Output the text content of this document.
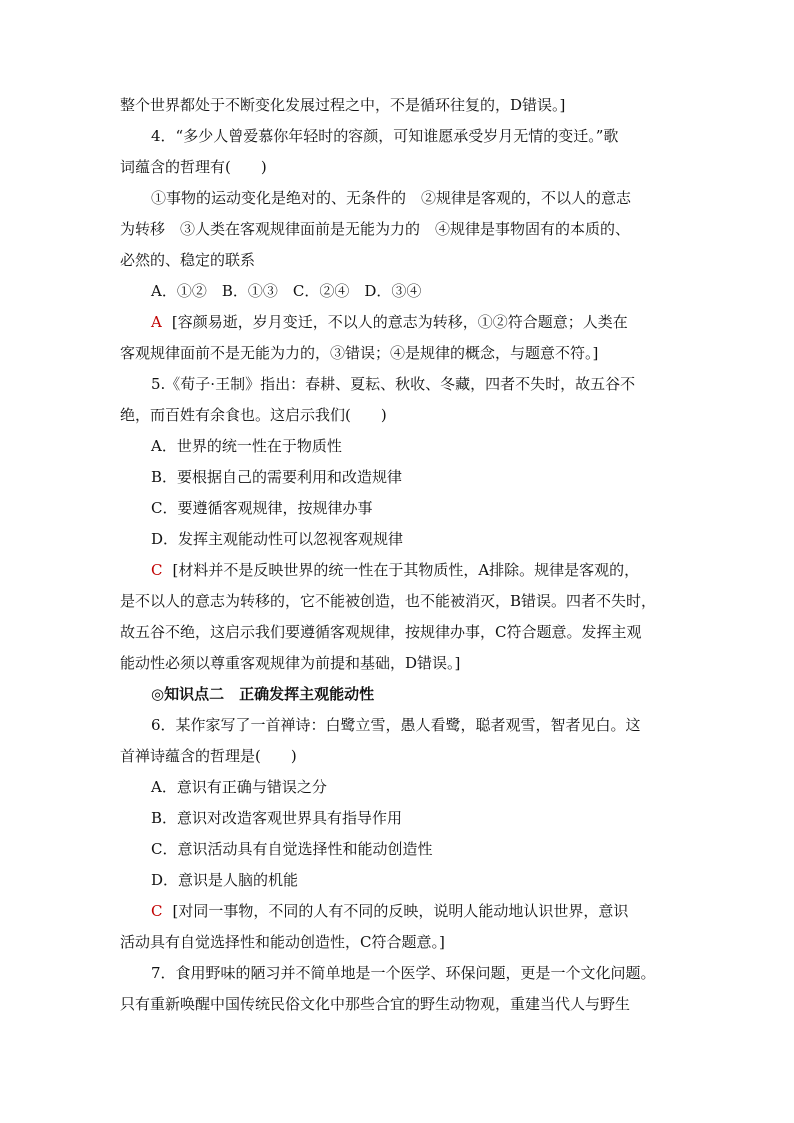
整个世界都处于不断变化发展过程之中，不是循环往复的，D错误。]
4．“多少人曾爱慕你年轻时的容颜，可知谁愿承受岁月无情的变迁。”歌
词蕴含的哲理有(　　)
①事物的运动变化是绝对的、无条件的　②规律是客观的，不以人的意志
为转移　③人类在客观规律面前是无能为力的　④规律是事物固有的本质的、
必然的、稳定的联系
A．①②　B．①③　C．②④　D．③④
A [容颜易逝，岁月变迁，不以人的意志为转移，①②符合题意；人类在
客观规律面前不是无能为力的，③错误；④是规律的概念，与题意不符。]
5.《荀子·王制》指出：春耕、夏耘、秋收、冬藏，四者不失时，故五谷不
绝，而百姓有余食也。这启示我们(　　)
A．世界的统一性在于物质性
B．要根据自己的需要利用和改造规律
C．要遵循客观规律，按规律办事
D．发挥主观能动性可以忽视客观规律
C [材料并不是反映世界的统一性在于其物质性，A排除。规律是客观的，
是不以人的意志为转移的，它不能被创造，也不能被消灭，B错误。四者不失时，
故五谷不绝，这启示我们要遵循客观规律，按规律办事，C符合题意。发挥主观
能动性必须以尊重客观规律为前提和基础，D错误。]
◎知识点二　正确发挥主观能动性
6．某作家写了一首禅诗：白鹭立雪，愚人看鹭，聪者观雪，智者见白。这
首禅诗蕴含的哲理是(　　)
A．意识有正确与错误之分
B．意识对改造客观世界具有指导作用
C．意识活动具有自觉选择性和能动创造性
D．意识是人脑的机能
C [对同一事物，不同的人有不同的反映，说明人能动地认识世界，意识
活动具有自觉选择性和能动创造性，C符合题意。]
7．食用野味的陋习并不简单地是一个医学、环保问题，更是一个文化问题。
只有重新唤醒中国传统民俗文化中那些合宜的野生动物观，重建当代人与野生
